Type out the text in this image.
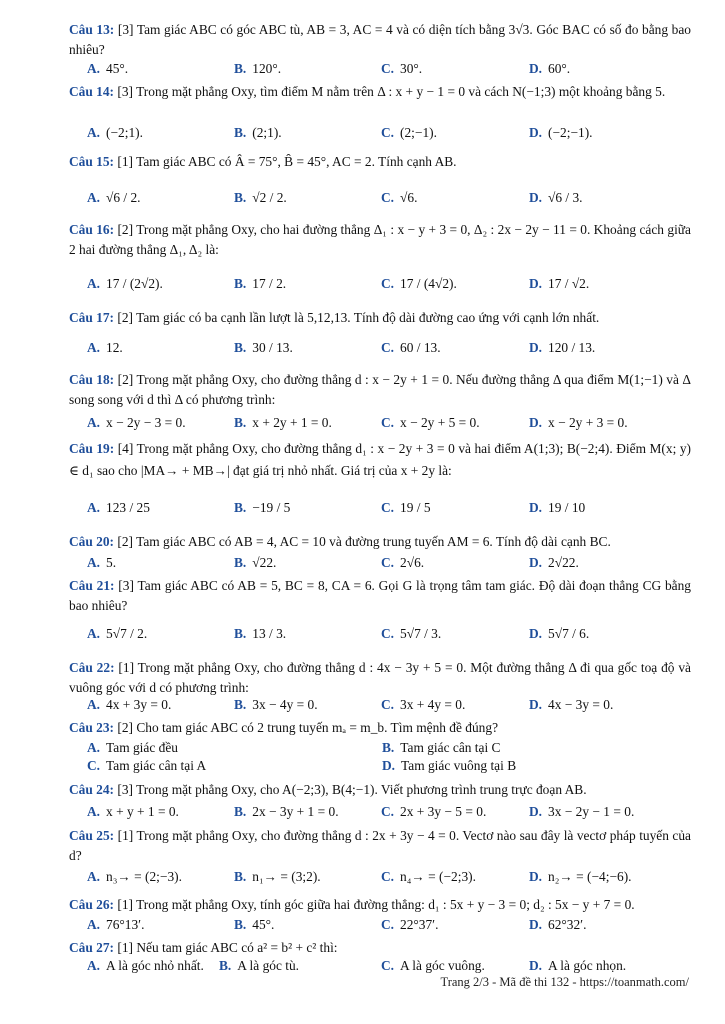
Câu 13: [3] Tam giác ABC có góc ABC tù, AB = 3, AC = 4 và có diện tích bằng 3√3. Góc BAC có số đo bằng bao nhiêu?
A. 45°.	B. 120°.	C. 30°.	D. 60°.
Câu 14: [3] Trong mặt phẳng Oxy, tìm điểm M nằm trên Δ : x + y − 1 = 0 và cách N(−1;3) một khoảng bằng 5.
A. (−2;1).	B. (2;1).	C. (2;−1).	D. (−2;−1).
Câu 15: [1] Tam giác ABC có Â = 75°, B̂ = 45°, AC = 2. Tính cạnh AB.
A. √6 / 2.	B. √2 / 2.	C. √6.	D. √6 / 3.
Câu 16: [2] Trong mặt phẳng Oxy, cho hai đường thẳng Δ₁ : x − y + 3 = 0, Δ₂ : 2x − 2y − 11 = 0. Khoảng cách giữa 2 hai đường thẳng Δ₁, Δ₂ là:
A. 17 / (2√2).	B. 17 / 2.	C. 17 / (4√2).	D. 17 / √2.
Câu 17: [2] Tam giác có ba cạnh lần lượt là 5,12,13. Tính độ dài đường cao ứng với cạnh lớn nhất.
A. 12.	B. 30 / 13.	C. 60 / 13.	D. 120 / 13.
Câu 18: [2] Trong mặt phẳng Oxy, cho đường thẳng d : x − 2y + 1 = 0. Nếu đường thẳng Δ qua điểm M(1;−1) và Δ song song với d thì Δ có phương trình:
A. x − 2y − 3 = 0.	B. x + 2y + 1 = 0.	C. x − 2y + 5 = 0.	D. x − 2y + 3 = 0.
Câu 19: [4] Trong mặt phẳng Oxy, cho đường thẳng d₁ : x − 2y + 3 = 0 và hai điểm A(1;3); B(−2;4). Điểm M(x; y) ∈ d₁ sao cho |MA→ + MB→| đạt giá trị nhỏ nhất. Giá trị của x + 2y là:
A. 123 / 25	B. −19 / 5	C. 19 / 5	D. 19 / 10
Câu 20: [2] Tam giác ABC có AB = 4, AC = 10 và đường trung tuyến AM = 6. Tính độ dài cạnh BC.
A. 5.	B. √22.	C. 2√6.	D. 2√22.
Câu 21: [3] Tam giác ABC có AB = 5, BC = 8, CA = 6. Gọi G là trọng tâm tam giác. Độ dài đoạn thẳng CG bằng bao nhiêu?
A. 5√7 / 2.	B. 13 / 3.	C. 5√7 / 3.	D. 5√7 / 6.
Câu 22: [1] Trong mặt phẳng Oxy, cho đường thẳng d : 4x − 3y + 5 = 0. Một đường thẳng Δ đi qua gốc toạ độ và vuông góc với d có phương trình:
A. 4x + 3y = 0.	B. 3x − 4y = 0.	C. 3x + 4y = 0.	D. 4x − 3y = 0.
Câu 23: [2] Cho tam giác ABC có 2 trung tuyến mₐ = m_b. Tìm mệnh đề đúng?
A. Tam giác đều	B. Tam giác cân tại C
C. Tam giác cân tại A	D. Tam giác vuông tại B
Câu 24: [3] Trong mặt phẳng Oxy, cho A(−2;3), B(4;−1). Viết phương trình trung trực đoạn AB.
A. x + y + 1 = 0.	B. 2x − 3y + 1 = 0.	C. 2x + 3y − 5 = 0.	D. 3x − 2y − 1 = 0.
Câu 25: [1] Trong mặt phẳng Oxy, cho đường thẳng d : 2x + 3y − 4 = 0. Vectơ nào sau đây là vectơ pháp tuyến của d?
A. n₃→ = (2;−3).	B. n₁→ = (3;2).	C. n₄→ = (−2;3).	D. n₂→ = (−4;−6).
Câu 26: [1] Trong mặt phẳng Oxy, tính góc giữa hai đường thẳng: d₁ : 5x + y − 3 = 0; d₂ : 5x − y + 7 = 0.
A. 76°13′.	B. 45°.	C. 22°37′.	D. 62°32′.
Câu 27: [1] Nếu tam giác ABC có a² = b² + c² thì:
A. A là góc nhỏ nhất. B. A là góc tù.	C. A là góc vuông.	D. A là góc nhọn.
Trang 2/3 - Mã đề thi 132 - https://toanmath.com/
